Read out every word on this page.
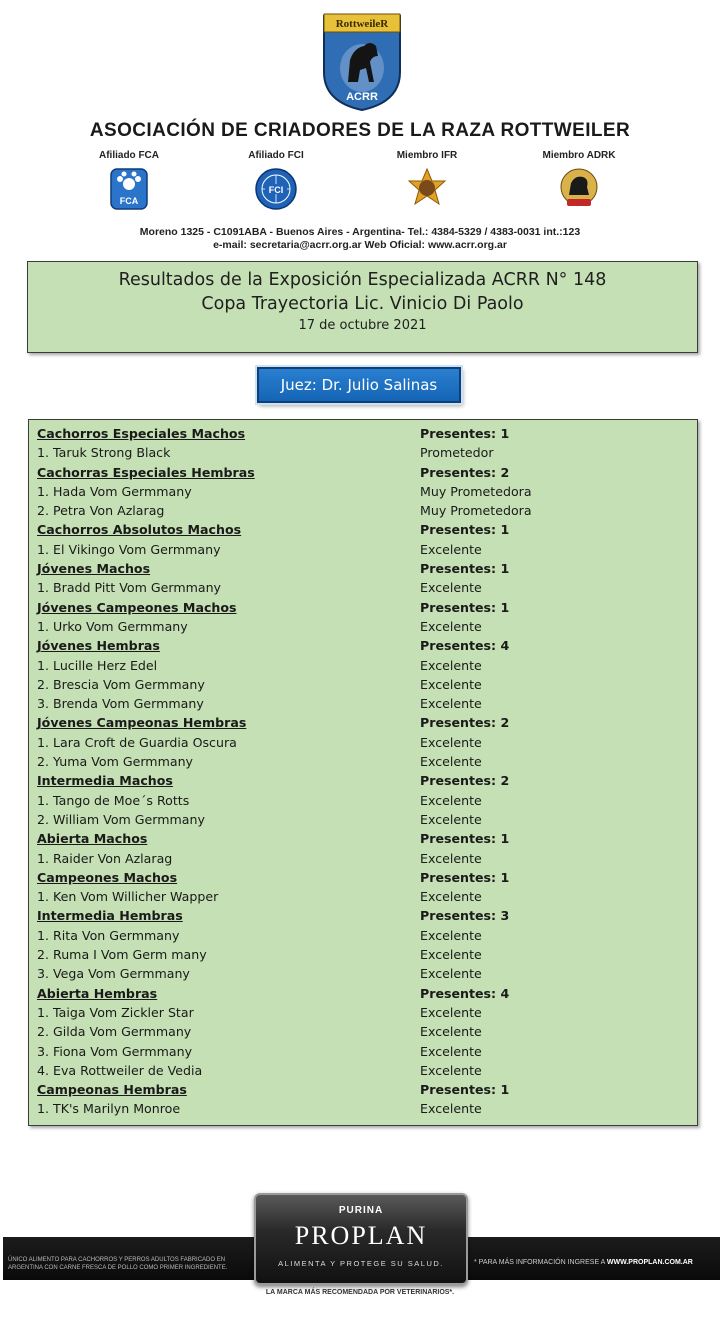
RottweileR
ACRR
ASOCIACIÓN DE CRIADORES DE LA RAZA ROTTWEILER
Afiliado FCA
FCA
Afiliado FCI
FCI
Miembro IFR	Miembro ADRK
Moreno 1325 - C1091ABA - Buenos Aires - Argentina- Tel.: 4384-5329 / 4383-0031 int.:123
e-mail: secretaria@acrr.org.ar Web Oficial: www.acrr.org.ar
Resultados de la Exposición Especializada ACRR N° 148
Copa Trayectoria Lic. Vinicio Di Paolo
17 de octubre 2021
Juez: Dr. Julio Salinas
Cachorros Especiales Machos	Presentes: 1
1. Taruk Strong Black	Prometedor
Cachorras Especiales Hembras	Presentes: 2
1. Hada Vom Germmany	Muy Prometedora
2. Petra Von Azlarag	Muy Prometedora
Cachorros Absolutos Machos	Presentes: 1
1. El Vikingo Vom Germmany	Excelente
Jóvenes Machos	Presentes: 1
1. Bradd Pitt Vom Germmany	Excelente
Jóvenes Campeones Machos	Presentes: 1
1. Urko Vom Germmany	Excelente
Jóvenes Hembras	Presentes: 4
1. Lucille Herz Edel	Excelente
2. Brescia Vom Germmany	Excelente
3. Brenda Vom Germmany	Excelente
Jóvenes Campeonas Hembras	Presentes: 2
1. Lara Croft de Guardia Oscura	Excelente
2. Yuma Vom Germmany	Excelente
Intermedia Machos	Presentes: 2
1. Tango de Moe´s Rotts	Excelente
2. William Vom Germmany	Excelente
Abierta Machos	Presentes: 1
1. Raider Von Azlarag	Excelente
Campeones Machos	Presentes: 1
1. Ken Vom Willicher Wapper	Excelente
Intermedia Hembras	Presentes: 3
1. Rita Von Germmany	Excelente
2. Ruma I Vom Germ many	Excelente
3. Vega Vom Germmany	Excelente
Abierta Hembras	Presentes: 4
1. Taiga Vom Zickler Star	Excelente
2. Gilda Vom Germmany	Excelente
3. Fiona Vom Germmany	Excelente
4. Eva Rottweiler de Vedia	Excelente
Campeonas Hembras	Presentes: 1
1. TK's Marilyn Monroe	Excelente
ÚNICO ALIMENTO PARA CACHORROS Y PERROS ADULTOS FABRICADO EN ARGENTINA CON CARNE FRESCA DE POLLO COMO PRIMER INGREDIENTE.
* PARA MÁS INFORMACIÓN INGRESE A WWW.PROPLAN.COM.AR
PURINA
PROPLAN
ALIMENTA Y PROTEGE SU SALUD.
LA MARCA MÁS RECOMENDADA POR VETERINARIOS*.
